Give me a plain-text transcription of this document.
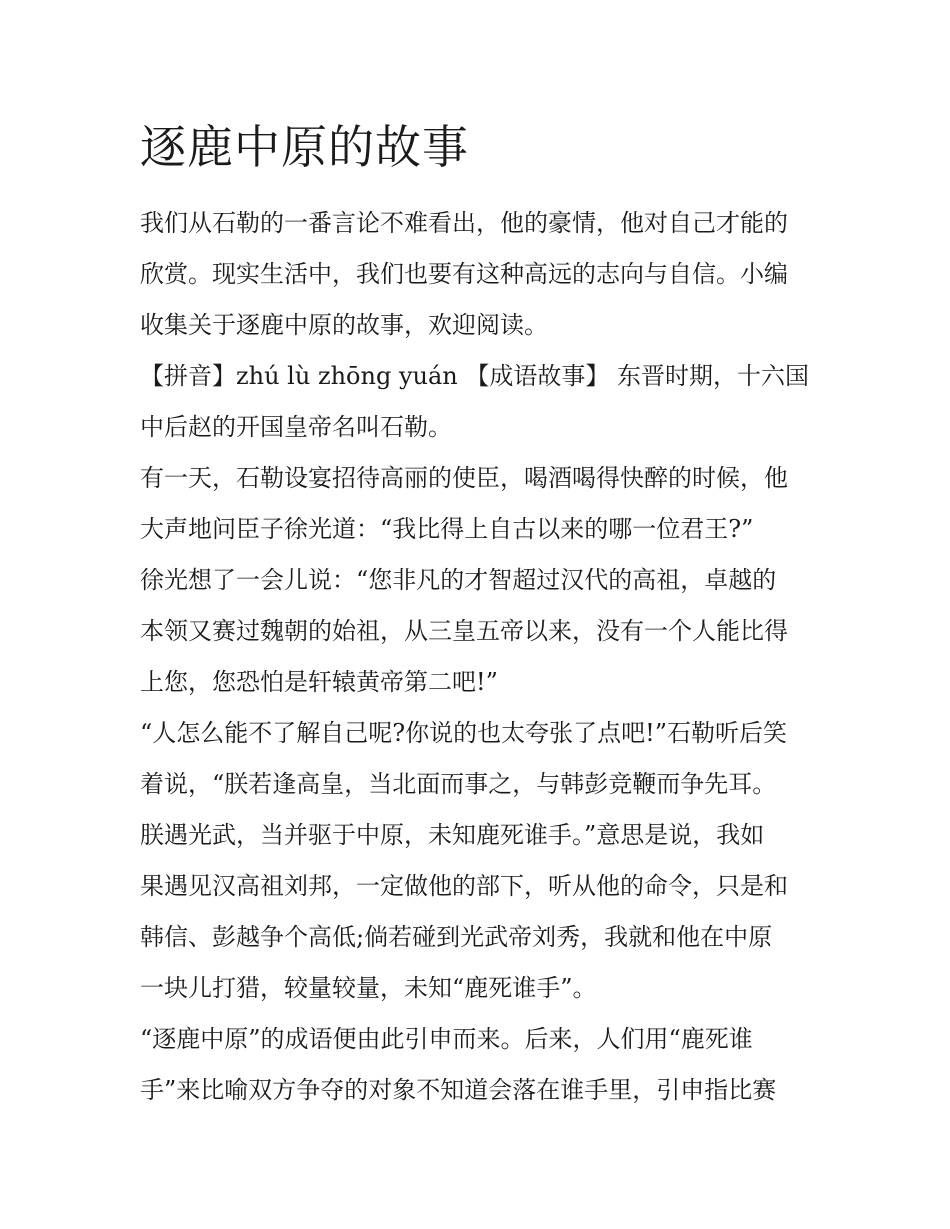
逐鹿中原的故事
我们从石勒的一番言论不难看出，他的豪情，他对自己才能的
欣赏。现实生活中，我们也要有这种高远的志向与自信。小编
收集关于逐鹿中原的故事，欢迎阅读。
【拼音】zhú lù zhōng yuán 【成语故事】 东晋时期，十六国
中后赵的开国皇帝名叫石勒。
有一天，石勒设宴招待高丽的使臣，喝酒喝得快醉的时候，他
大声地问臣子徐光道：“我比得上自古以来的哪一位君王?”
徐光想了一会儿说：“您非凡的才智超过汉代的高祖，卓越的
本领又赛过魏朝的始祖，从三皇五帝以来，没有一个人能比得
上您，您恐怕是轩辕黄帝第二吧!”
“人怎么能不了解自己呢?你说的也太夸张了点吧!”石勒听后笑
着说，“朕若逢高皇，当北面而事之，与韩彭竞鞭而争先耳。
朕遇光武，当并驱于中原，未知鹿死谁手。”意思是说，我如
果遇见汉高祖刘邦，一定做他的部下，听从他的命令，只是和
韩信、彭越争个高低;倘若碰到光武帝刘秀，我就和他在中原
一块儿打猎，较量较量，未知“鹿死谁手”。
“逐鹿中原”的成语便由此引申而来。后来，人们用“鹿死谁
手”来比喻双方争夺的对象不知道会落在谁手里，引申指比赛
